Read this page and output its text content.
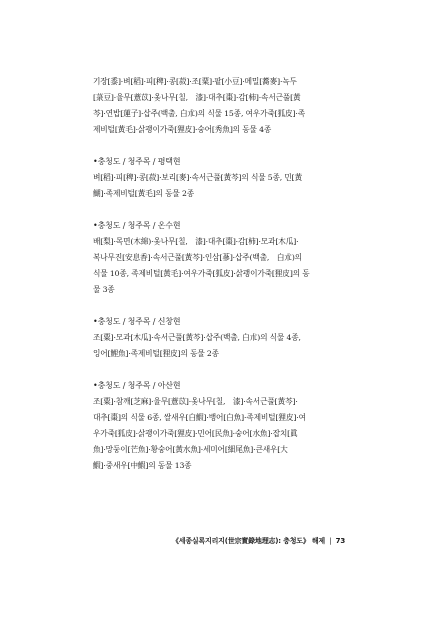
기장[黍]·벼[稻]·피[稗]·콩[菽]·조[粟]·팥[小豆]·메밀[蕎麥]·녹두
[菉豆]·율무[薏苡]·옻나무[칠,　漆]·대추[棗]·감[柿]·속서근풀[黃
芩]·연밥[蓮子]·삽주(백출, 白朮)의 식물 15종, 여우가죽[狐皮]·족
제비털[黃毛]·삵괭이가죽[狸皮]·숭어[秀魚]의 동물 4종
•충청도 / 청주목 / 평택현
벼[稻]·피[稗]·콩[菽]·보리[麥]·속서근풀[黃芩]의 식물 5종, 민[黃
鰗]·족제비털[黃毛]의 동물 2종
•충청도 / 청주목 / 온수현
배[梨]·목면(木綿)·옻나무[칠,　漆]·대추[棗]·감[柿]·모과[木瓜]·
복나무진[安息香]·속서근풀[黃芩]·인삼[蔘]·삽주(백출,　白朮)의
식물 10종, 족제비털[黃毛]·여우가죽[狐皮]·삵괭이가죽[狸皮]의 동
물 3종
•충청도 / 청주목 / 신창현
조[粟]·모과[木瓜]·속서근풀[黃芩]·삽주(백출, 白朮)의 식물 4종,
잉어[鯉魚]·족제비털[狸皮]의 동물 2종
•충청도 / 청주목 / 아산현
조[粟]·참깨[芝麻]·율무[薏苡]·옻나무[칠,　漆]·속서근풀[黃芩]·
대추[棗]의 식물 6종, 쌀새우[白鰕]·뱅어[白魚]·족제비털[狸皮]·여
우가죽[狐皮]·삵괭이가죽[狸皮]·민어[民魚]·숭어[水魚]·잡치[眞
魚]·망둥이[芒魚]·황숭어[黃水魚]·세미어[細尾魚]·큰새우[大
鰕]·중새우[中鰕]의 동물 13종
《세종실록지리지(世宗實錄地理志): 충청도》 해제 | 73
